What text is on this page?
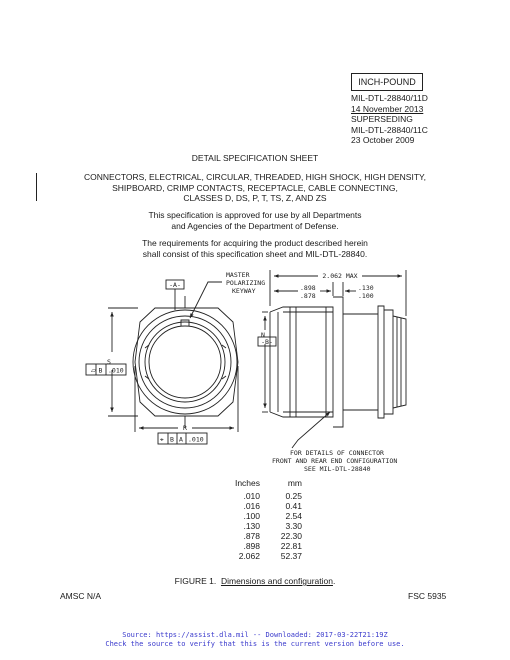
INCH-POUND
MIL-DTL-28840/11D
14 November 2013
SUPERSEDING
MIL-DTL-28840/11C
23 October 2009
DETAIL SPECIFICATION SHEET
CONNECTORS, ELECTRICAL, CIRCULAR, THREADED, HIGH SHOCK, HIGH DENSITY,
SHIPBOARD, CRIMP CONTACTS, RECEPTACLE, CABLE CONNECTING,
CLASSES D, DS, P, T, TS, Z, AND ZS
This specification is approved for use by all Departments
and Agencies of the Department of Defense.
The requirements for acquiring the product described herein
shall consist of this specification sheet and MIL-DTL-28840.
-A-
MASTER
POLARIZING
KEYWAY
S
R
⏥ B .010
⌖ B A .010
2.062 MAX
.898
.878
.130
.100
N
-B-
FOR DETAILS OF CONNECTOR
FRONT AND REAR END CONFIGURATION
SEE MIL-DTL-28840
Inches	mm
.010	0.25
.016	0.41
.100	2.54
.130	3.30
.878	22.30
.898	22.81
2.062	52.37
FIGURE 1. Dimensions and configuration.
AMSC N/A	FSC 5935
Source: https://assist.dla.mil -- Downloaded: 2017-03-22T21:19Z
Check the source to verify that this is the current version before use.
